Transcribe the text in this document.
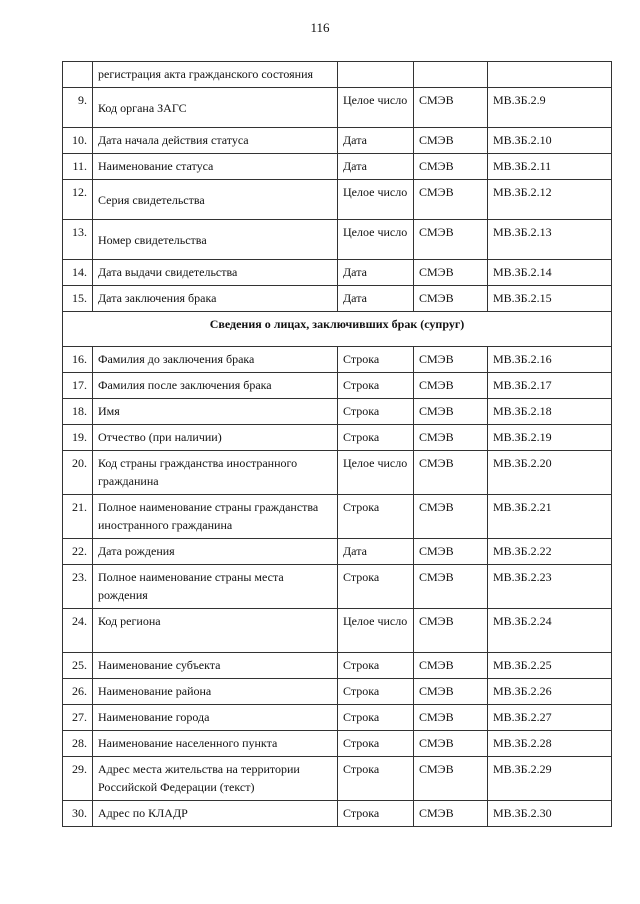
116
	регистрация акта гражданского состояния			
9.	Код органа ЗАГС	Целое число	СМЭВ	МВ.ЗБ.2.9
10.	Дата начала действия статуса	Дата	СМЭВ	МВ.ЗБ.2.10
11.	Наименование статуса	Дата	СМЭВ	МВ.ЗБ.2.11
12.	Серия свидетельства	Целое число	СМЭВ	МВ.ЗБ.2.12
13.	Номер свидетельства	Целое число	СМЭВ	МВ.ЗБ.2.13
14.	Дата выдачи свидетельства	Дата	СМЭВ	МВ.ЗБ.2.14
15.	Дата заключения брака	Дата	СМЭВ	МВ.ЗБ.2.15
Сведения о лицах, заключивших брак (супруг)				
16.	Фамилия до заключения брака	Строка	СМЭВ	МВ.ЗБ.2.16
17.	Фамилия после заключения брака	Строка	СМЭВ	МВ.ЗБ.2.17
18.	Имя	Строка	СМЭВ	МВ.ЗБ.2.18
19.	Отчество (при наличии)	Строка	СМЭВ	МВ.ЗБ.2.19
20.	Код страны гражданства иностранного гражданина	Целое число	СМЭВ	МВ.ЗБ.2.20
21.	Полное наименование страны гражданства иностранного гражданина	Строка	СМЭВ	МВ.ЗБ.2.21
22.	Дата рождения	Дата	СМЭВ	МВ.ЗБ.2.22
23.	Полное наименование страны места рождения	Строка	СМЭВ	МВ.ЗБ.2.23
24.	Код региона	Целое число	СМЭВ	МВ.ЗБ.2.24
25.	Наименование субъекта	Строка	СМЭВ	МВ.ЗБ.2.25
26.	Наименование района	Строка	СМЭВ	МВ.ЗБ.2.26
27.	Наименование города	Строка	СМЭВ	МВ.ЗБ.2.27
28.	Наименование населенного пункта	Строка	СМЭВ	МВ.ЗБ.2.28
29.	Адрес места жительства на территории Российской Федерации (текст)	Строка	СМЭВ	МВ.ЗБ.2.29
30.	Адрес по КЛАДР	Строка	СМЭВ	МВ.ЗБ.2.30
